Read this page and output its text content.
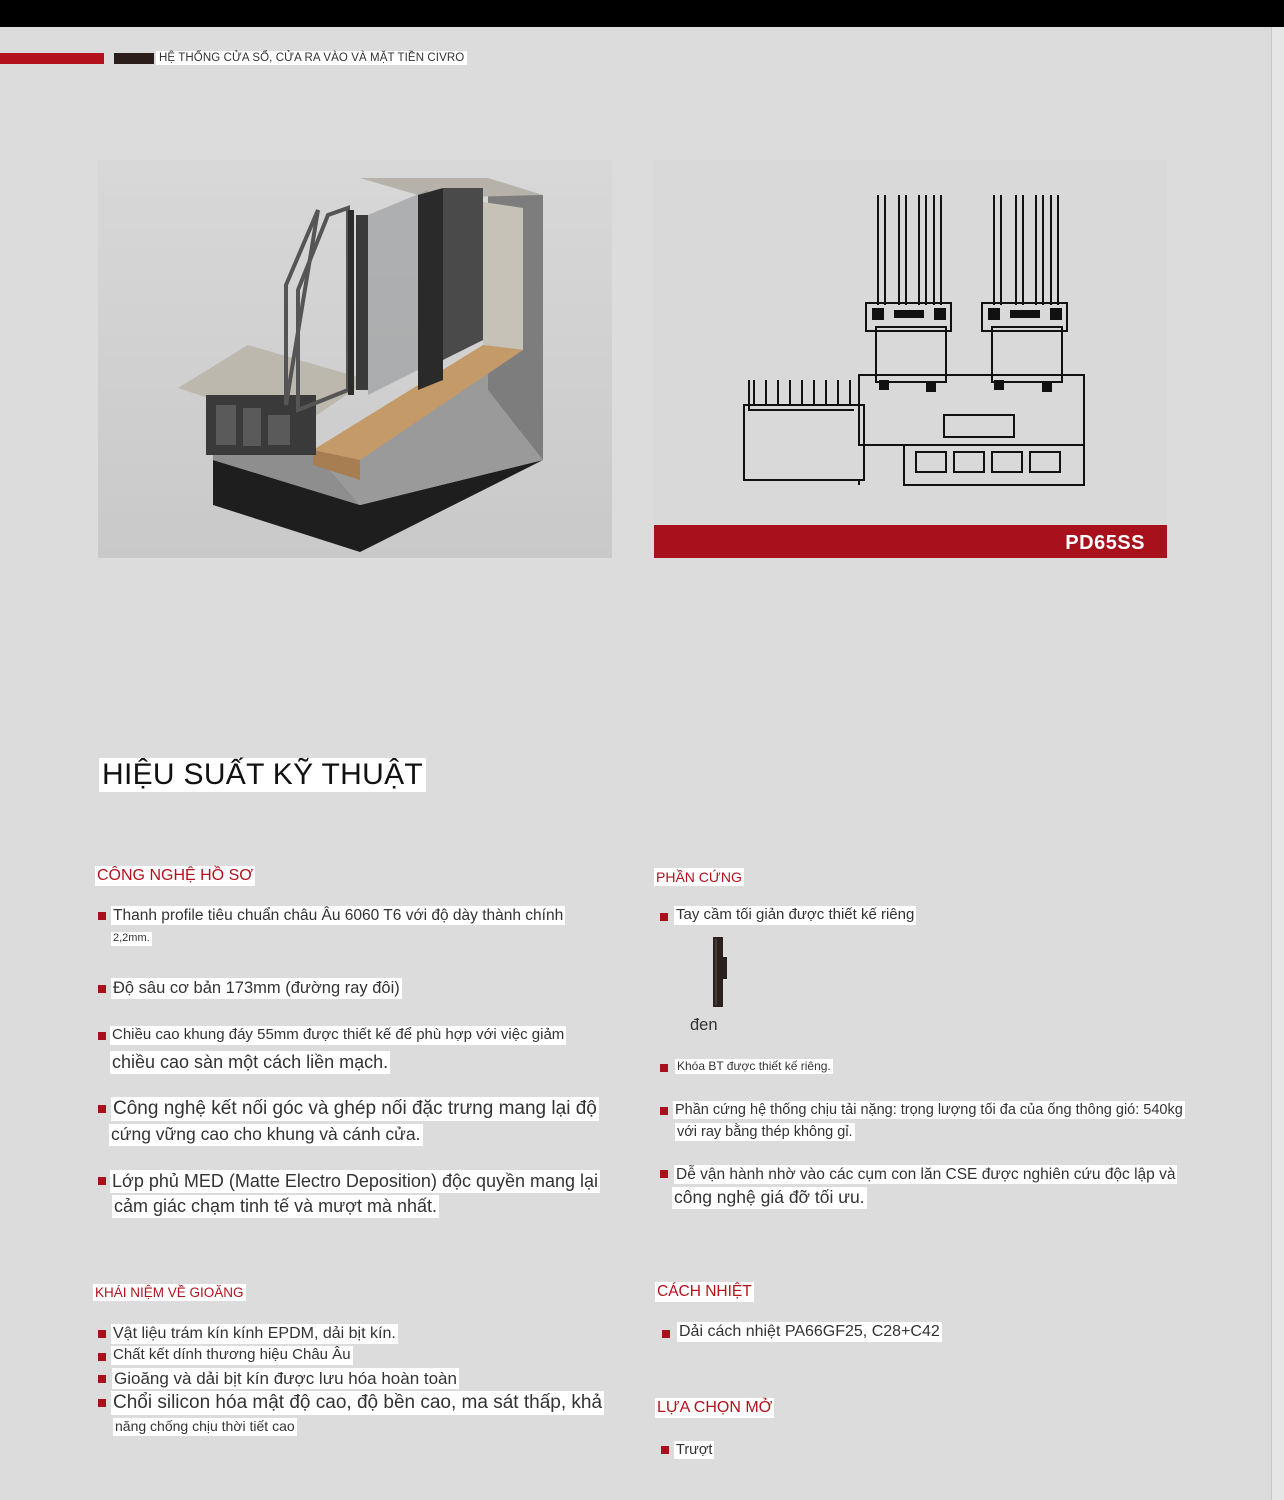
HỆ THỐNG CỬA SỔ, CỬA RA VÀO VÀ MẶT TIỀN CIVRO
PD65SS
HIỆU SUẤT KỸ THUẬT
CÔNG NGHỆ HỒ SƠ
Thanh profile tiêu chuẩn châu Âu 6060 T6 với độ dày thành chính
2,2mm.
Độ sâu cơ bản 173mm (đường ray đôi)
Chiều cao khung đáy 55mm được thiết kế để phù hợp với việc giảm
chiều cao sàn một cách liền mạch.
Công nghệ kết nối góc và ghép nối đặc trưng mang lại độ
cứng vững cao cho khung và cánh cửa.
Lớp phủ MED (Matte Electro Deposition) độc quyền mang lại
cảm giác chạm tinh tế và mượt mà nhất.
PHẦN CỨNG
Tay cầm tối giản được thiết kế riêng
đen
Khóa BT được thiết kế riêng.
Phần cứng hệ thống chịu tải nặng: trọng lượng tối đa của ống thông gió: 540kg
với ray bằng thép không gỉ.
Dễ vận hành nhờ vào các cụm con lăn CSE được nghiên cứu độc lập và
công nghệ giá đỡ tối ưu.
KHÁI NIỆM VỀ GIOĂNG
Vật liệu trám kín kính EPDM, dải bịt kín.
Chất kết dính thương hiệu Châu Âu
Gioăng và dải bịt kín được lưu hóa hoàn toàn
Chổi silicon hóa mật độ cao, độ bền cao, ma sát thấp, khả
năng chống chịu thời tiết cao
CÁCH NHIỆT
Dải cách nhiệt PA66GF25, C28+C42
LỰA CHỌN MỞ
Trượt
